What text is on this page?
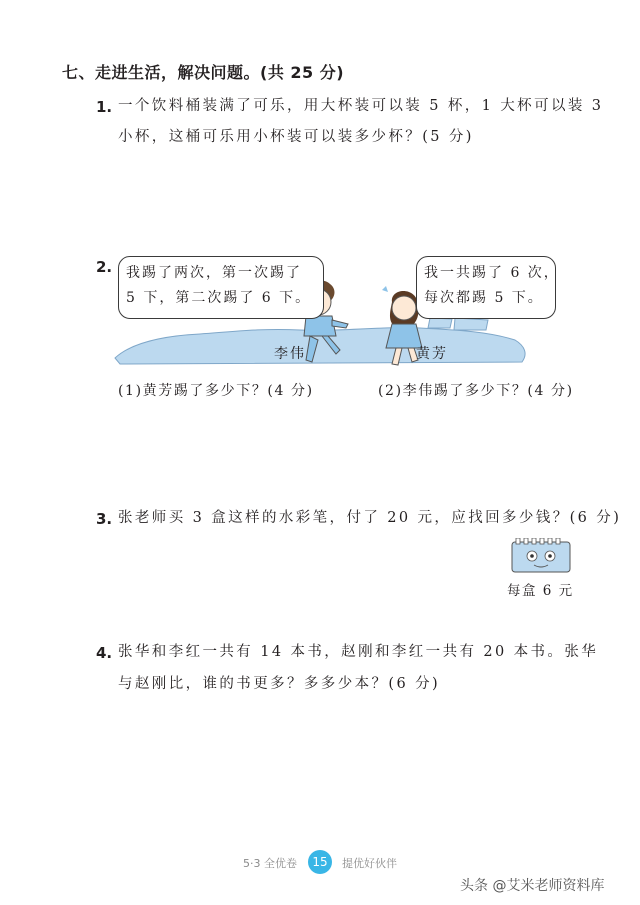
七、走进生活，解决问题。(共 25 分)
1. 一个饮料桶装满了可乐，用大杯装可以装 5 杯，1 大杯可以装 3
小杯，这桶可乐用小杯装可以装多少杯？(5 分)
2. 我踢了两次，第一次踢了
5 下，第二次踢了 6 下。
我一共踢了 6 次，
每次都踢 5 下。
李伟	黄芳
(1)黄芳踢了多少下？(4 分)	(2)李伟踢了多少下？(4 分)
3. 张老师买 3 盒这样的水彩笔，付了 20 元，应找回多少钱？(6 分)
每盒 6 元
4. 张华和李红一共有 14 本书，赵刚和李红一共有 20 本书。张华
与赵刚比，谁的书更多？多多少本？(6 分)
5·3 全优卷	15	提优好伙伴
头条 @艾米老师资料库
